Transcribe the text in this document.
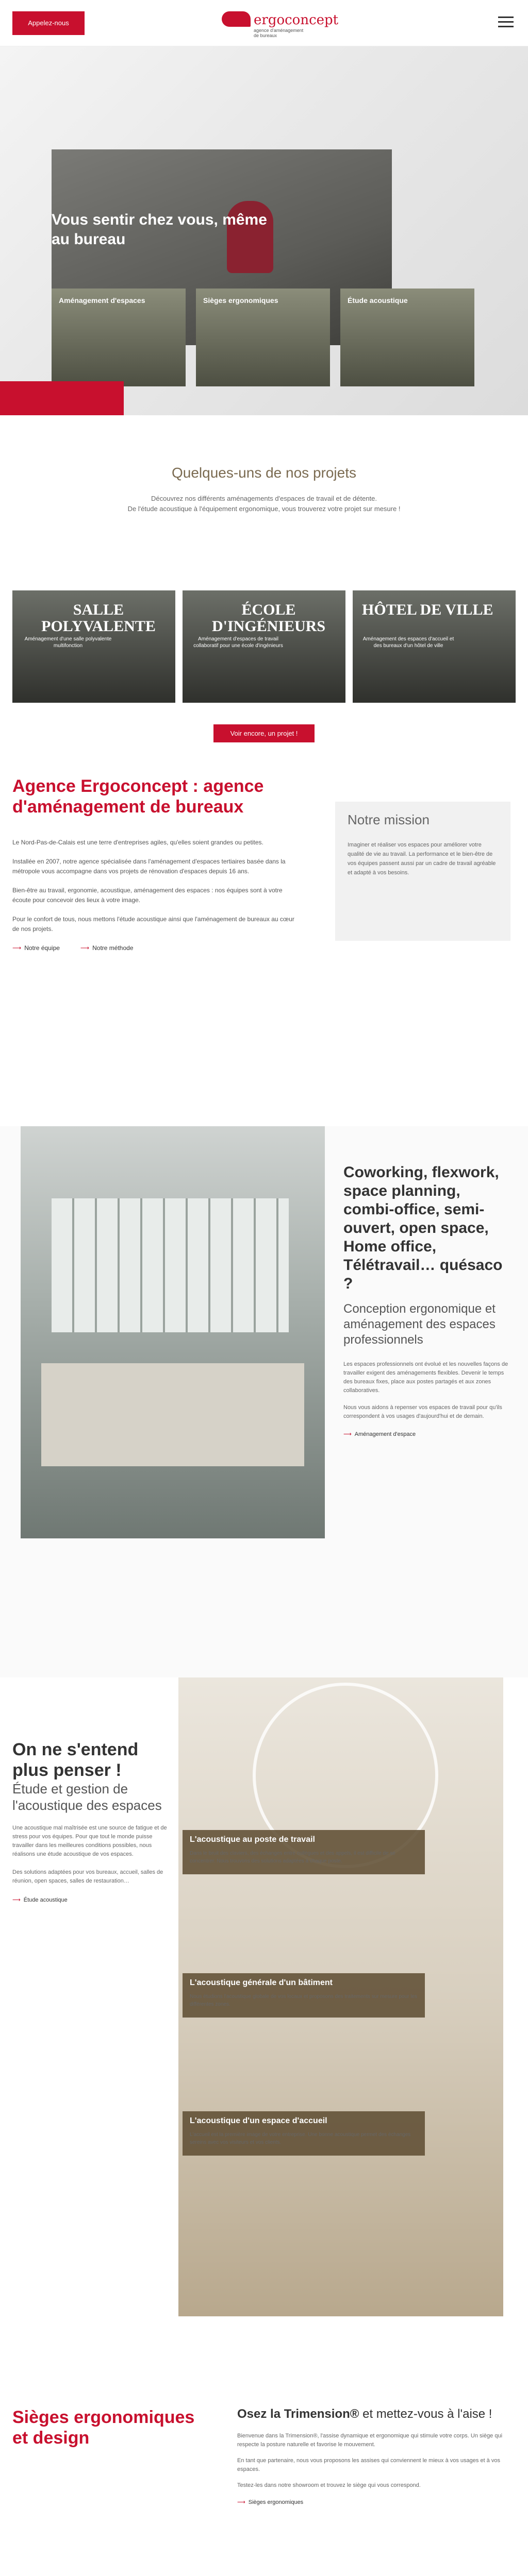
Appelez-nous	ergoconcept
agence d'aménagement de bureaux
Vous sentir chez vous, même au bureau
Aménagement d'espaces	Sièges ergonomiques	Étude acoustique
Quelques-uns de nos projets

Découvrez nos différents aménagements d'espaces de travail et de détente.

De l'étude acoustique à l'équipement ergonomique, vous trouverez votre projet sur mesure !

SALLE POLYVALENTE
Aménagement d'une salle polyvalente multifonction
ÉCOLE D'INGÉNIEURS
Aménagement d'espaces de travail collaboratif pour une école d'ingénieurs
HÔTEL DE VILLE
Aménagement des espaces d'accueil et des bureaux d'un hôtel de ville
Voir encore, un projet !
Agence Ergoconcept : agence d'aménagement de bureaux

Le Nord-Pas-de-Calais est une terre d'entreprises agiles, qu'elles soient grandes ou petites.

Installée en 2007, notre agence spécialisée dans l'aménagement d'espaces tertiaires basée dans la métropole vous accompagne dans vos projets de rénovation d'espaces depuis 16 ans.

Bien-être au travail, ergonomie, acoustique, aménagement des espaces : nos équipes sont à votre écoute pour concevoir des lieux à votre image.

Pour le confort de tous, nous mettons l'étude acoustique ainsi que l'aménagement de bureaux au cœur de nos projets.

⟶ Notre équipe	⟶ Notre méthode
Notre mission

Imaginer et réaliser vos espaces pour améliorer votre qualité de vie au travail. La performance et le bien-être de vos équipes passent aussi par un cadre de travail agréable et adapté à vos besoins.

Coworking, flexwork, space planning, combi-office, semi-ouvert, open space, Home office, Télétravail… quésaco ?
Conception ergonomique et aménagement des espaces professionnels

Les espaces professionnels ont évolué et les nouvelles façons de travailler exigent des aménagements flexibles. Devenir le temps des bureaux fixes, place aux postes partagés et aux zones collaboratives.

Nous vous aidons à repenser vos espaces de travail pour qu'ils correspondent à vos usages d'aujourd'hui et de demain.

⟶ Aménagement d'espace
On ne s'entend plus penser !
Étude et gestion de l'acoustique des espaces

Une acoustique mal maîtrisée est une source de fatigue et de stress pour vos équipes. Pour que tout le monde puisse travailler dans les meilleures conditions possibles, nous réalisons une étude acoustique de vos espaces.

Des solutions adaptées pour vos bureaux, accueil, salles de réunion, open spaces, salles de restauration…

⟶ Étude acoustique
L'acoustique au poste de travail

Dans le bruit des claviers, des échanges entre collègues et des appels, il est difficile de se concentrer. Nous trouvons des solutions adaptées à chaque poste.

L'acoustique générale d'un bâtiment

Nous étudions l'acoustique globale de vos locaux et proposons des traitements sur mesure pour les différentes zones.

L'acoustique d'un espace d'accueil

L'accueil est la première image de votre entreprise. Une bonne acoustique permet des échanges sereins avec vos visiteurs et vos clients.

Sièges ergonomiques et design
Osez la Trimension® et mettez-vous à l'aise !

Bienvenue dans la Trimension®, l'assise dynamique et ergonomique qui stimule votre corps. Un siège qui respecte la posture naturelle et favorise le mouvement.

En tant que partenaire, nous vous proposons les assises qui conviennent le mieux à vos usages et à vos espaces.

Testez-les dans notre showroom et trouvez le siège qui vous correspond.

⟶ Sièges ergonomiques
